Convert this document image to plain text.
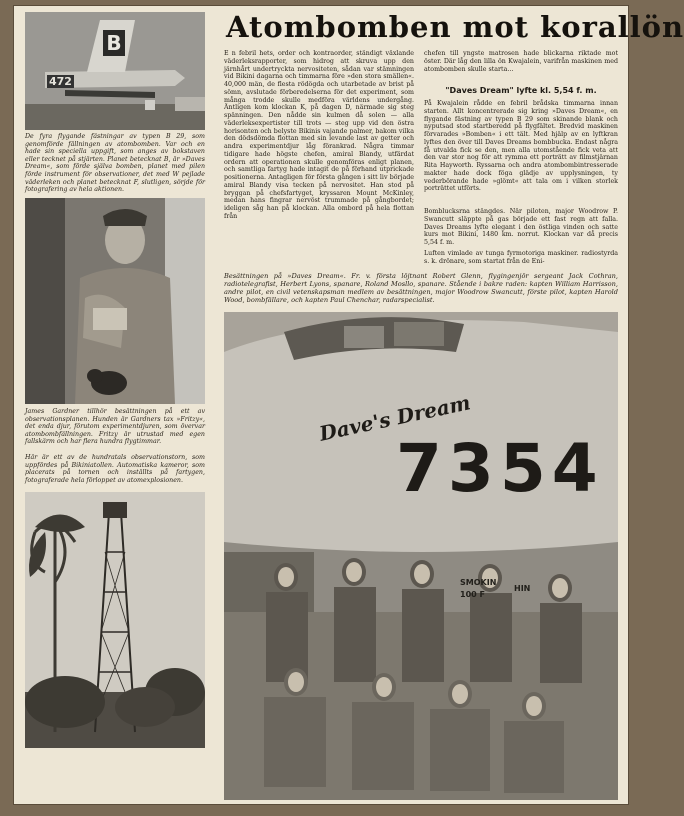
B
472

De fyra flygande fästningar av typen B 29, som genomförde fällningen av atombomben. Var och en hade sin speciella uppgift, som anges av bokstaven eller tecknet på stjärten. Planet betecknat B, är »Daves Dream«, som förde själva bomben, planet med pilen förde instrument för observationer, det med W pejlade väderleken och planet betecknat F, slutligen, sörjde för fotografering av hela aktionen.

James Gardner tillhör besättningen på ett av observationsplanen. Hunden är Gardners tax »Fritzy«, det enda djur, förutom experimentdjuren, som övervar atombombfällningen. Fritzy är utrustad med egen fallskärm och har flera hundra flygtimmar.

Här är ett av de hundratals observationstorn, som uppfördes på Bikiniatollen. Automatiska kameror, som placerats på tornen och inställts på fartygen, fotograferade hela förloppet av atomexplosionen.

Atombomben mot korallön

E n febril hets, order och kontraorder, ständigt växlande väderleksrapporter, som hidrog att skruva upp den järnhårt undertryckta nervositeten, sådan var stämningen vid Bikini dagarna och timmarna före »den stora smällen«. 40,000 män, de flesta rödögda och utarbetade av brist på sömn, avslutade förberedelserna för det experiment, som många trodde skulle medföra världens undergång. Äntligen kom klockan K, på dagen D, närmade sig steg spänningen. Den nådde sin kulmen då solen — alla väderleksexpertister till trots — steg upp vid den östra horisonten och belyste Bikinis vajande palmer, bakom vilka den dödsdömda flottan med sin levande last av getter och andra experimentdjur låg förankrad. Några timmar tidigare hade högste chefen, amiral Blandy, utfärdat ordern att operationen skulle genomföras enligt planen, och samtliga fartyg hade intagit de på förhand utprickade positionerna. Antagligen för första gången i sitt liv började amiral Blandy visa tecken på nervositet. Han stod på bryggan på chefsfartyget, kryssaren Mount McKinley, medan hans fingrar nervöst trummade på gångbordet; ideligen såg han på klockan. Alla ombord på hela flottan från

chefen till yngste matrosen hade blickarna riktade mot öster. Där låg den lilla ön Kwajalein, varifrån maskinen med atombomben skulle starta...

"Daves Dream" lyfte kl. 5,54 f. m.

På Kwajalein rådde en febril brådska timmarna innan starten. Allt koncentrerade sig kring »Daves Dream«, en flygande fästning av typen B 29 som skinande blank och nyputsad stod startberedd på flygfältet. Bredvid maskinen förvarades »Bomben« i ett tält. Med hjälp av en lyftkran lyftes den över till Daves Dreams bombbucka. Endast några få utvalda fick se den, men alla utomstående fick veta att den var stor nog för att rymma ett porträtt av filmstjärnan Rita Hayworth. Ryssarna och andra atombombintresserade makter hade dock föga glädje av upplysningen, ty vederbörande hade »glömt« att tala om i vilken storlek porträttet utförts.

Bomblucksrna stängdes. När piloten, major Woodrow P. Swancutt släppte på gas började ett fast regn att falla. Daves Dreams lyfte elegant i den östliga vinden och satte kurs mot Bikini, 1480 km. norrut. Klockan var då precis 5,54 f. m.

Luften vimlade av tunga fyrmotoriga maskiner. radiostyrda s. k. drönare, som startat från de Eni-

Besättningen på »Daves Dream«. Fr. v. första löjtnant Robert Glenn, flygingenjör sergeant Jack Cothran, radiotelegrafist, Herbert Lyons, spanare, Roland Mosllo, spanare. Stående i bakre raden: kapten William Harrisson, andre pilot, en civil vetenskapsman medlem av besättningen, major Woodrow Swancutt, förste pilot, kapten Harold Wood, bombfällare, och kapten Paul Chenchar, radarspecialist.

Dave's Dream
7354
SMOKIN
100 F
HIN
